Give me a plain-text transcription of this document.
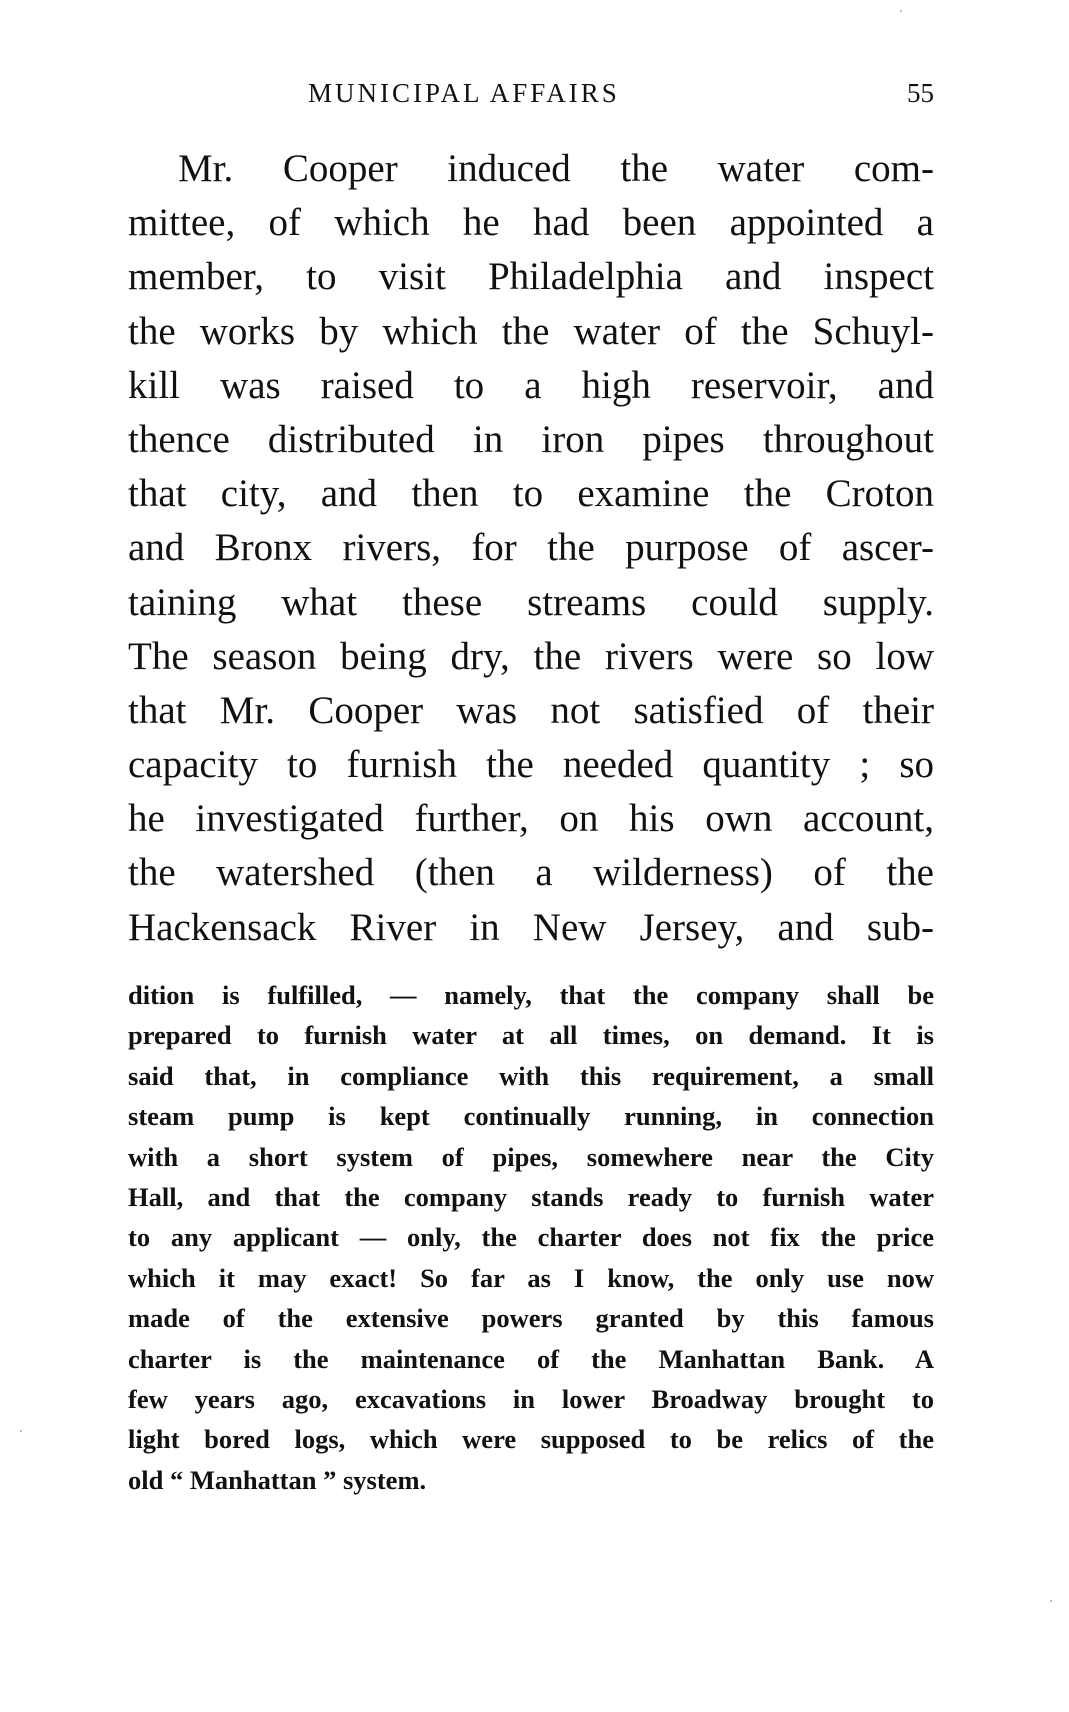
MUNICIPAL AFFAIRS	55
Mr. Cooper induced the water com-
mittee, of which he had been appointed a
member, to visit Philadelphia and inspect
the works by which the water of the Schuyl-
kill was raised to a high reservoir, and
thence distributed in iron pipes throughout
that city, and then to examine the Croton
and Bronx rivers, for the purpose of ascer-
taining what these streams could supply.
The season being dry, the rivers were so low
that Mr. Cooper was not satisfied of their
capacity to furnish the needed quantity ; so
he investigated further, on his own account,
the watershed (then a wilderness) of the
Hackensack River in New Jersey, and sub-
dition is fulfilled, — namely, that the company shall be
prepared to furnish water at all times, on demand. It is
said that, in compliance with this requirement, a small
steam pump is kept continually running, in connection
with a short system of pipes, somewhere near the City
Hall, and that the company stands ready to furnish water
to any applicant — only, the charter does not fix the price
which it may exact! So far as I know, the only use now
made of the extensive powers granted by this famous
charter is the maintenance of the Manhattan Bank. A
few years ago, excavations in lower Broadway brought to
light bored logs, which were supposed to be relics of the
old “ Manhattan ” system.
